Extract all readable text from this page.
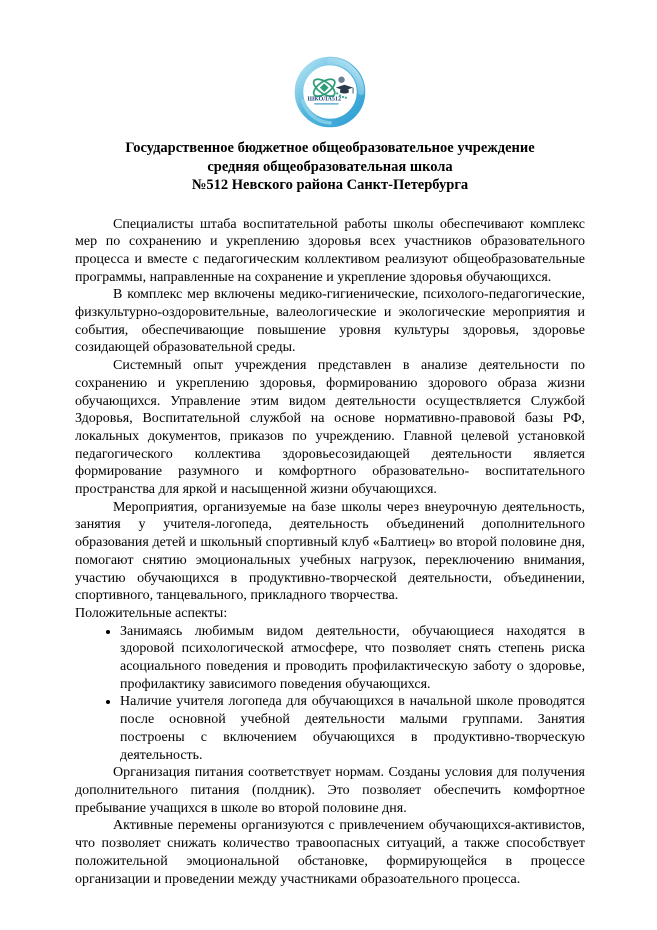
ШКОЛА512
Государственное бюджетное общеобразовательное учреждение
средняя общеобразовательная школа
№512 Невского района Санкт-Петербурга

Специалисты штаба воспитательной работы школы обеспечивают комплекс мер по сохранению и укреплению здоровья всех участников образовательного процесса и вместе с педагогическим коллективом реализуют общеобразовательные программы, направленные на сохранение и укрепление здоровья обучающихся.

В комплекс мер включены медико-гигиенические, психолого-педагогические, физкультурно-оздоровительные, валеологические и экологические мероприятия и события, обеспечивающие повышение уровня культуры здоровья, здоровье созидающей образовательной среды.

Системный опыт учреждения представлен в анализе деятельности по сохранению и укреплению здоровья, формированию здорового образа жизни обучающихся. Управление этим видом деятельности осуществляется Службой Здоровья, Воспитательной службой на основе нормативно-правовой базы РФ, локальных документов, приказов по учреждению. Главной целевой установкой педагогического коллектива здоровьесозидающей деятельности является формирование разумного и комфортного образовательно- воспитательного пространства для яркой и насыщенной жизни обучающихся.

Мероприятия, организуемые на базе школы через внеурочную деятельность, занятия у учителя-логопеда, деятельность объединений дополнительного образования детей и школьный спортивный клуб «Балтиец» во второй половине дня, помогают снятию эмоциональных учебных нагрузок, переключению внимания, участию обучающихся в продуктивно-творческой деятельности, объединении, спортивного, танцевального, прикладного творчества.

Положительные аспекты:

• Занимаясь любимым видом деятельности, обучающиеся находятся в здоровой психологической атмосфере, что позволяет снять степень риска асоциального поведения и проводить профилактическую заботу о здоровье, профилактику зависимого поведения обучающихся.
• Наличие учителя логопеда для обучающихся в начальной школе проводятся после основной учебной деятельности малыми группами. Занятия построены с включением обучающихся в продуктивно-творческую деятельность.

Организация питания соответствует нормам. Созданы условия для получения дополнительного питания (полдник). Это позволяет обеспечить комфортное пребывание учащихся в школе во второй половине дня.

Активные перемены организуются с привлечением обучающихся-активистов, что позволяет снижать количество травоопасных ситуаций, а также способствует положительной эмоциональной обстановке, формирующейся в процессе организации и проведении между участниками образоательного процесса.
